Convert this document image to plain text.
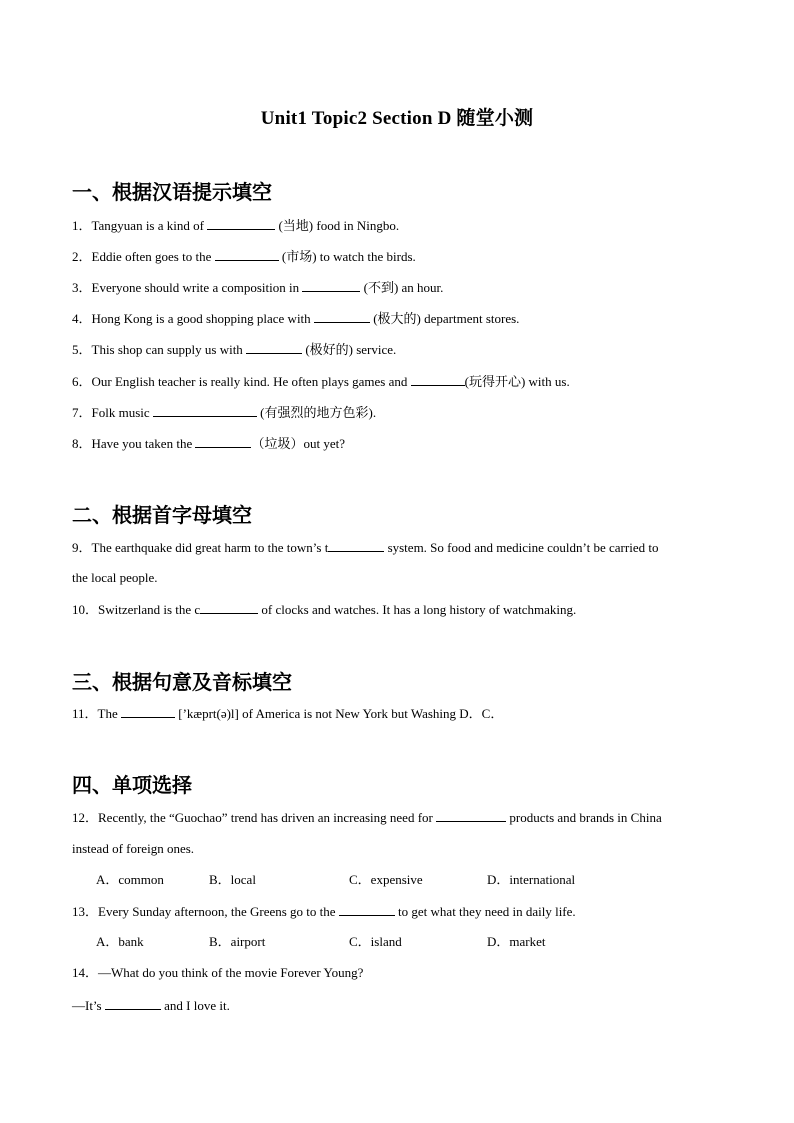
Unit1 Topic2 Section D 随堂小测
一、根据汉语提示填空
1．Tangyuan is a kind of	(当地) food in Ningbo.
2．Eddie often goes to the	(市场) to watch the birds.
3．Everyone should write a composition in	(不到) an hour.
4．Hong Kong is a good shopping place with	(极大的) department stores.
5．This shop can supply us with	(极好的) service.
6．Our English teacher is really kind. He often plays games and	(玩得开心) with us.
7．Folk music	(有强烈的地方色彩).
8．Have you taken the	（垃圾）out yet?
二、根据首字母填空
9．The earthquake did great harm to the town’s t	system. So food and medicine couldn’t be carried to
the local people.
10．Switzerland is the c	of clocks and watches. It has a long history of watchmaking.
三、根据句意及音标填空
11．The	[’kæprt(ə)l] of America is not New York but Washing D．C．
四、单项选择
12．Recently, the “Guochao” trend has driven an increasing need for	products and brands in China
instead of foreign ones.
A．common	B．local	C．expensive	D．international
13．Every Sunday afternoon, the Greens go to the	to get what they need in daily life.
A．bank	B．airport	C．island	D．market
14．—What do you think of the movie Forever Young?
—It’s	and I love it.
